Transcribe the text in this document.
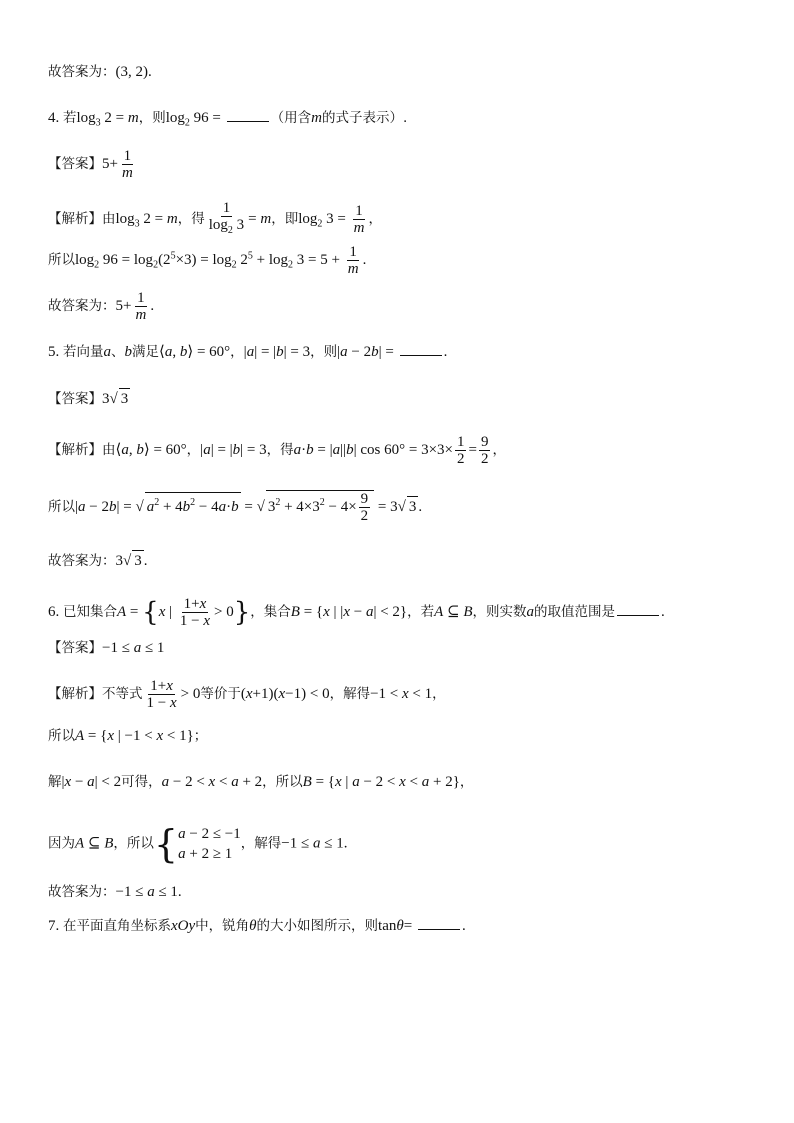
故答案为：(3, 2).
4. 若$\log_3 2 = m$，则$\log_2 96$ =	（用含m的式子表示）.
【答案】$5+ \frac{1}{m}$
【解析】由$\log_3 2 = m$，得 $\frac{1}{\log_2 3} = m$，即$\log_2 3 = \frac{1}{m}$ ，
所以$\log_2 96 = \log_2(2^5\times 3) = \log_2 2^5 + \log_2 3 = 5 + \frac{1}{m}$ .
故答案为：$5+ \frac{1}{m}$ .
5. 若向量a、b满足⟨a, b⟩ = 60°，|a| = |b| = 3，则|a − 2b| =	.
【答案】3√ 3
【解析】由⟨a, b⟩ = 60°，|a| = |b| = 3，得a·b = |a||b| $\cos 60^\circ = 3\times 3\times \frac{1}{2} = \frac{9}{2}$ ，
所以|a − 2b| = √ $a^2 + 4b^2 - 4a\cdot b$ = √ $3^2 + 4\times 3^2 - 4\times \frac{9}{2} = 3√$ 3 .
故答案为：3√ 3 .
6. 已知集合A = {x | $\frac{1+x}{1 - x} > 0$}，集合B = {x | |x − a| < 2}，若A ⊆ B，则实数a的取值范围是	.
【答案】−1 ≤ a ≤ 1
【解析】不等式 $\frac{1+x}{1 - x} > 0$等价于(x+1)(x−1) < 0，解得−1 < x < 1，
所以A = {x | −1 < x < 1}；
解|x − a| < 2可得，a − 2 < x < a + 2，所以B = {x | a − 2 < x < a + 2}，
因为A ⊆ B，所以 { a − 2 ≤ −1
a + 2 ≥ 1
，解得−1 ≤ a ≤ 1.
故答案为：−1 ≤ a ≤ 1.
7. 在平面直角坐标系xOy中，锐角θ的大小如图所示，则tanθ=	.
